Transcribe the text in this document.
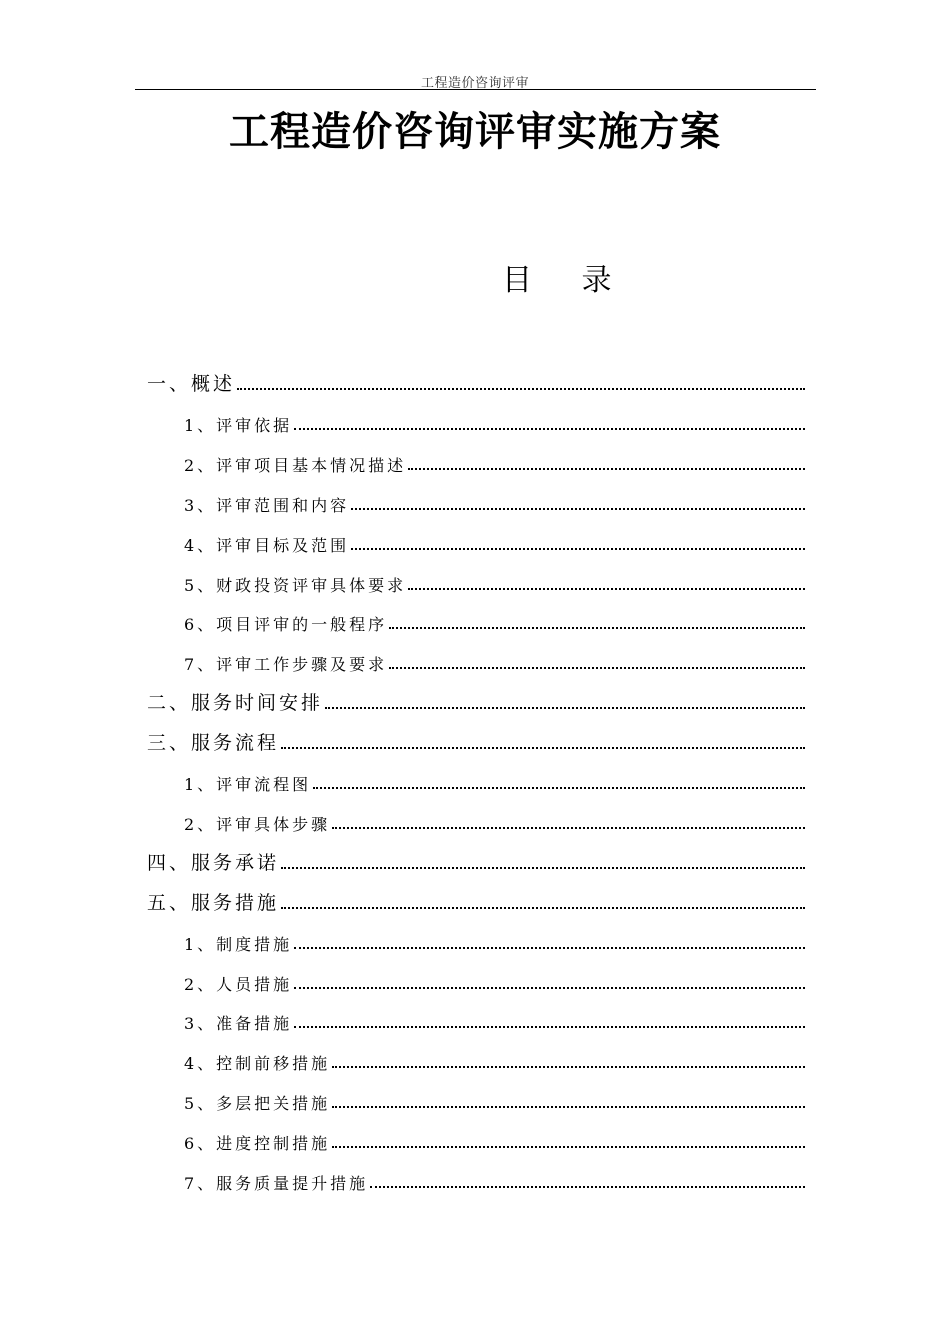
工程造价咨询评审
工程造价咨询评审实施方案
目 录
一、概述
1、评审依据
2、评审项目基本情况描述
3、评审范围和内容
4、评审目标及范围
5、财政投资评审具体要求
6、项目评审的一般程序
7、评审工作步骤及要求
二、服务时间安排
三、服务流程
1、评审流程图
2、评审具体步骤
四、服务承诺
五、服务措施
1、制度措施
2、人员措施
3、准备措施
4、控制前移措施
5、多层把关措施
6、进度控制措施
7、服务质量提升措施
